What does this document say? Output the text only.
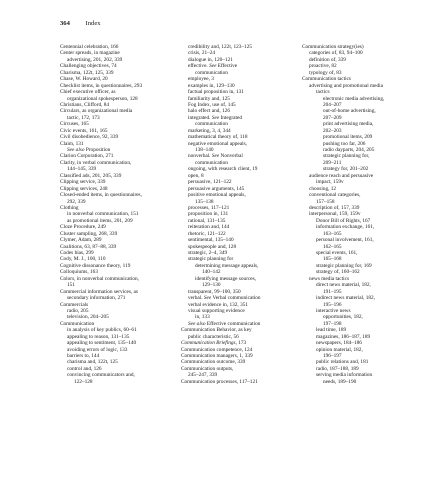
364 Index
Centennial celebration, 166
Center spreads, in magazine
advertising, 201, 202, 339
Challenging objectives, 74
Charisma, 122t, 125, 339
Chase, W. Howard, 20
Checklist items, in questionnaires, 293
Chief executive officer, as
organizational spokesperson, 128
Christians, Clifford, 84
Circulars, as organizational media
tactic, 172, 173
Circuses, 165
Civic events, 161, 165
Civil disobedience, 92, 339
Claim, 131
See also Proposition
Clarion Corporation, 271
Clarity, in verbal communication,
144–145, 339
Classified ads, 201, 205, 339
Clipping service, 339
Clipping services, 248
Closed-ended items, in questionnaires,
292, 339
Clothing
in nonverbal communication, 151
as promotional items, 201, 209
Cloze Procedure, 249
Cluster sampling, 268, 339
Clymer, Adam, 289
Coalitions, 63, 87–88, 339
Codes bias, 299
Cody, M. J., 100, 110
Cognitive dissonance theory, 119
Colloquiums, 163
Colors, in nonverbal communication,
151
Commercial information services, as
secondary information, 271
Commercials
radio, 205
television, 204–205
Communication
in analysis of key publics, 60–61
appealing to reason, 131–135
appealing to sentiment, 135–140
avoiding errors of logic, 133
barriers to, 144
charisma and, 122t, 125
control and, 126
convincing communicators and,
122–128
credibility and, 122t, 123–125
crisis, 21–24
dialogue in, 120–121
effective. See Effective
communication
employee, 3
examples in, 129–130
factual proposition in, 131
familiarity and, 125
Fog Index, use of, 145
halo effect and, 126
integrated. See Integrated
communication
marketing, 3, 4, 344
mathematical theory of, 118
negative emotional appeals,
138–140
nonverbal. See Nonverbal
communication
ongoing, with research client, 19
open, 8
persuasive, 121–122
persuasive arguments, 145
positive emotional appeals,
135–138
processes, 117–121
proposition in, 131
rational, 131–135
reiteration and, 144
rhetoric, 121–122
sentimental, 135–140
spokespeople and, 128
strategic, 2–4, 349
strategic planning for
determining message appeals,
140–142
identifying message sources,
129–130
transparent, 99–100, 350
verbal. See Verbal communication
verbal evidence in, 132, 351
visual supporting evidence
in, 133
See also Effective communication
Communication Behavior, as key
public characteristic, 56
Communication Briefings, 173
Communication competence, 124
Communication managers, 1, 339
Communication outcome, 339
Communication outputs,
245–247, 339
Communication processes, 117–121
Communication strategy(ies)
categories of, 83, 94–100
definition of, 339
proactive, 82
typology of, 83
Communication tactics
advertising and promotional media
tactics
electronic media advertising,
204–207
out-of-home advertising,
207–209
print advertising media,
202–203
promotional items, 209
pushing too far, 206
radio dayparts, 204, 205
strategic planning for,
209–211
strategy for, 201–202
audience reach and persuasive
impact, 159v
choosing, 12
conventional categories,
157–158
description of, 157, 339
interpersonal, 159, 159v
Donor Bill of Rights, 167
information exchange, 161,
163–165
personal involvement, 161,
162–165
special events, 161,
165–168
strategic planning for, 169
strategy of, 160–162
news media tactics
direct news material, 182,
191–195
indirect news material, 182,
195–196
interactive news
opportunities, 182,
197–198
lead time, 189
magazines, 186–187, 189
newspapers, 184–186
opinion material, 182,
196–197
public relations and, 181
radio, 187–188, 189
serving media information
needs, 189–190
